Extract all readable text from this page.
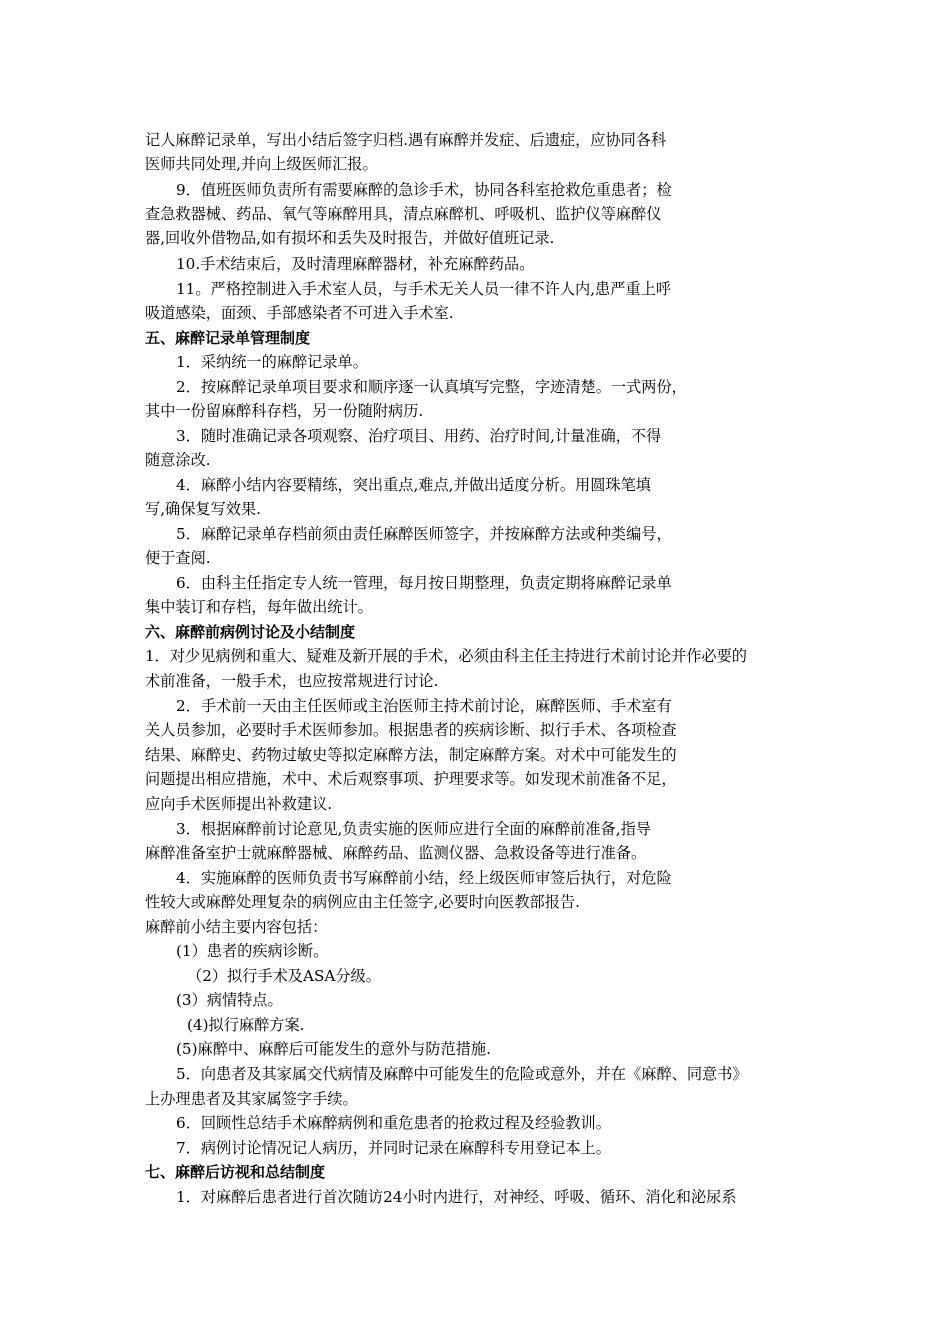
记人麻醉记录单，写出小结后签字归档.遇有麻醉并发症、后遗症，应协同各科
医师共同处理,并向上级医师汇报。
9．值班医师负责所有需要麻醉的急诊手术，协同各科室抢救危重患者；检
查急救器械、药品、氧气等麻醉用具，清点麻醉机、呼吸机、监护仪等麻醉仪
器,回收外借物品,如有损坏和丢失及时报告，并做好值班记录.
10.手术结束后，及时清理麻醉器材，补充麻醉药品。
11。严格控制进入手术室人员，与手术无关人员一律不许人内,患严重上呼
吸道感染，面颈、手部感染者不可进入手术室.
五、麻醉记录单管理制度
1．采纳统一的麻醉记录单。
2．按麻醉记录单项目要求和顺序逐一认真填写完整，字迹清楚。一式两份，
其中一份留麻醉科存档，另一份随附病历.
3．随时准确记录各项观察、治疗项目、用药、治疗时间,计量准确，不得
随意涂改.
4．麻醉小结内容要精练，突出重点,难点,并做出适度分析。用圆珠笔填
写,确保复写效果.
5．麻醉记录单存档前须由责任麻醉医师签字，并按麻醉方法或种类编号，
便于查阅.
6．由科主任指定专人统一管理，每月按日期整理，负责定期将麻醉记录单
集中装订和存档，每年做出统计。
六、麻醉前病例讨论及小结制度
1．对少见病例和重大、疑难及新开展的手术，必须由科主任主持进行术前讨论并作必要的
术前准备，一般手术，也应按常规进行讨论.
2．手术前一天由主任医师或主治医师主持术前讨论，麻醉医师、手术室有
关人员参加，必要时手术医师参加。根据患者的疾病诊断、拟行手术、各项检查
结果、麻醉史、药物过敏史等拟定麻醉方法，制定麻醉方案。对术中可能发生的
问题提出相应措施，术中、术后观察事项、护理要求等。如发现术前准备不足，
应向手术医师提出补救建议.
3．根据麻醉前讨论意见,负责实施的医师应进行全面的麻醉前准备,指导
麻醉准备室护士就麻醉器械、麻醉药品、监测仪器、急救设备等进行准备。
4．实施麻醉的医师负责书写麻醉前小结，经上级医师审签后执行，对危险
性较大或麻醉处理复杂的病例应由主任签字,必要时向医教部报告.
麻醉前小结主要内容包括：
(1）患者的疾病诊断。
（2）拟行手术及ASA分级。
(3）病情特点。
(4)拟行麻醉方案.
(5)麻醉中、麻醉后可能发生的意外与防范措施.
5．向患者及其家属交代病情及麻醉中可能发生的危险或意外，并在《麻醉、同意书》
上办理患者及其家属签字手续。
6．回顾性总结手术麻醉病例和重危患者的抢救过程及经验教训。
7．病例讨论情况记人病历，并同时记录在麻醇科专用登记本上。
七、麻醉后访视和总结制度
1．对麻醉后患者进行首次随访24小时内进行，对神经、呼吸、循环、消化和泌尿系
